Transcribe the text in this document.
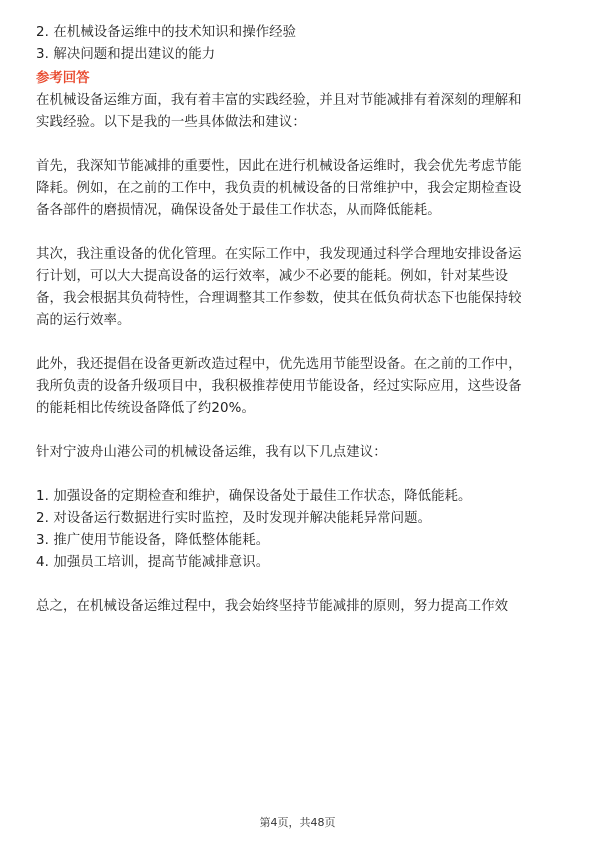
2. 在机械设备运维中的技术知识和操作经验
3. 解决问题和提出建议的能力
参考回答
在机械设备运维方面，我有着丰富的实践经验，并且对节能减排有着深刻的理解和
实践经验。以下是我的一些具体做法和建议：
首先，我深知节能减排的重要性，因此在进行机械设备运维时，我会优先考虑节能
降耗。例如，在之前的工作中，我负责的机械设备的日常维护中，我会定期检查设
备各部件的磨损情况，确保设备处于最佳工作状态，从而降低能耗。
其次，我注重设备的优化管理。在实际工作中，我发现通过科学合理地安排设备运
行计划，可以大大提高设备的运行效率，减少不必要的能耗。例如，针对某些设
备，我会根据其负荷特性，合理调整其工作参数，使其在低负荷状态下也能保持较
高的运行效率。
此外，我还提倡在设备更新改造过程中，优先选用节能型设备。在之前的工作中，
我所负责的设备升级项目中，我积极推荐使用节能设备，经过实际应用，这些设备
的能耗相比传统设备降低了约20%。
针对宁波舟山港公司的机械设备运维，我有以下几点建议：
1. 加强设备的定期检查和维护，确保设备处于最佳工作状态，降低能耗。
2. 对设备运行数据进行实时监控，及时发现并解决能耗异常问题。
3. 推广使用节能设备，降低整体能耗。
4. 加强员工培训，提高节能减排意识。
总之，在机械设备运维过程中，我会始终坚持节能减排的原则，努力提高工作效
第4页，共48页
